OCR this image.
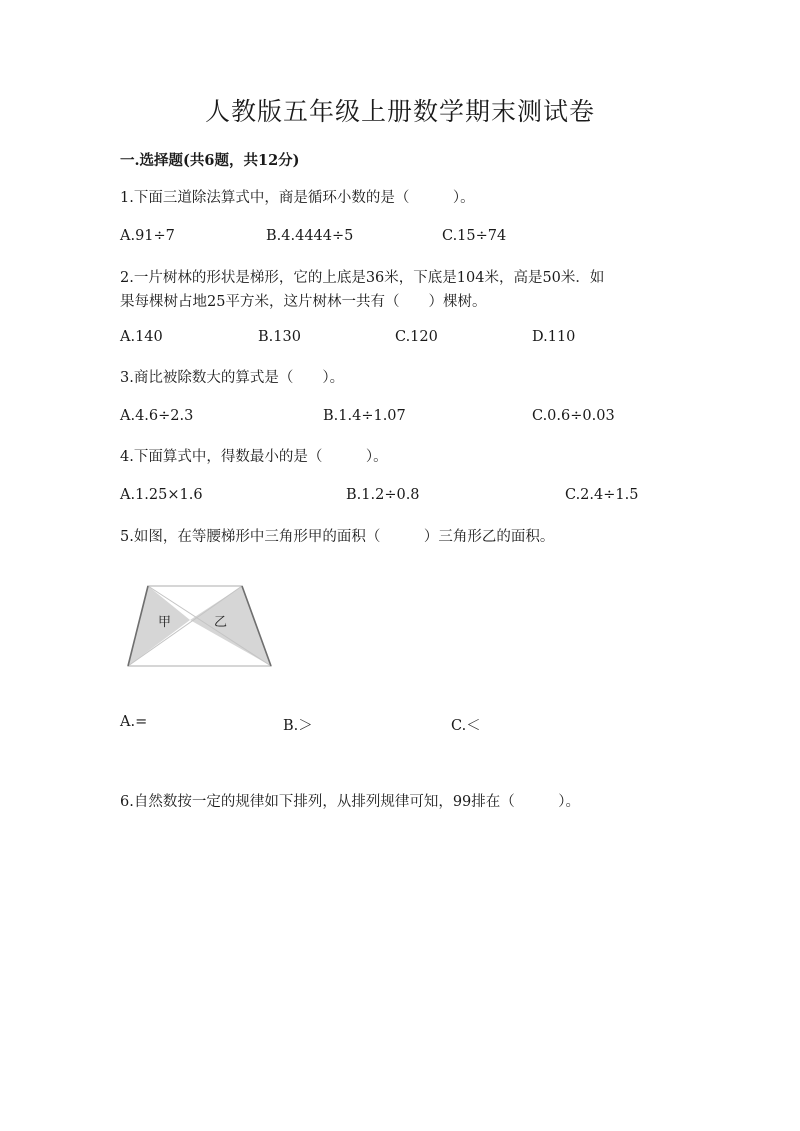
人教版五年级上册数学期末测试卷
一.选择题(共6题，共12分)
1.下面三道除法算式中，商是循环小数的是（　　　）。
A.91÷7	B.4.4444÷5	C.15÷74
2.一片树林的形状是梯形，它的上底是36米，下底是104米，高是50米．如
果每棵树占地25平方米，这片树林一共有（　　）棵树。
A.140	B.130	C.120	D.110
3.商比被除数大的算式是（　　）。
A.4.6÷2.3	B.1.4÷1.07	C.0.6÷0.03
4.下面算式中，得数最小的是（　　　）。
A.1.25×1.6	B.1.2÷0.8	C.2.4÷1.5
5.如图，在等腰梯形中三角形甲的面积（　　　）三角形乙的面积。
甲	乙
A.=	B.＞	C.＜
6.自然数按一定的规律如下排列，从排列规律可知，99排在（　　　）。
